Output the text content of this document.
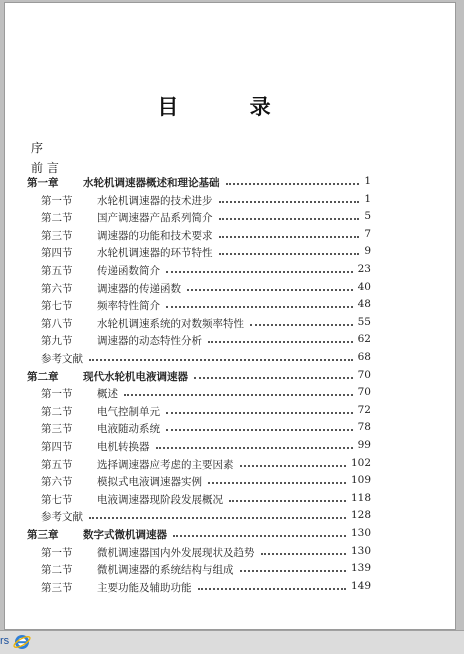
目 录
序
前 言
第一章 水轮机调速器概述和理论基础	1
第一节 水轮机调速器的技术进步	1
第二节 国产调速器产品系列简介	5
第三节 调速器的功能和技术要求	7
第四节 水轮机调速器的环节特性	9
第五节 传递函数简介	23
第六节 调速器的传递函数	40
第七节 频率特性简介	48
第八节 水轮机调速系统的对数频率特性	55
第九节 调速器的动态特性分析	62
参考文献	68
第二章 现代水轮机电液调速器	70
第一节 概述	70
第二节 电气控制单元	72
第三节 电液随动系统	78
第四节 电机转换器	99
第五节 选择调速器应考虑的主要因素	102
第六节 模拟式电液调速器实例	109
第七节 电液调速器现阶段发展概况	118
参考文献	128
第三章 数字式微机调速器	130
第一节 微机调速器国内外发展现状及趋势	130
第二节 微机调速器的系统结构与组成	139
第三节 主要功能及辅助功能	149
rs
